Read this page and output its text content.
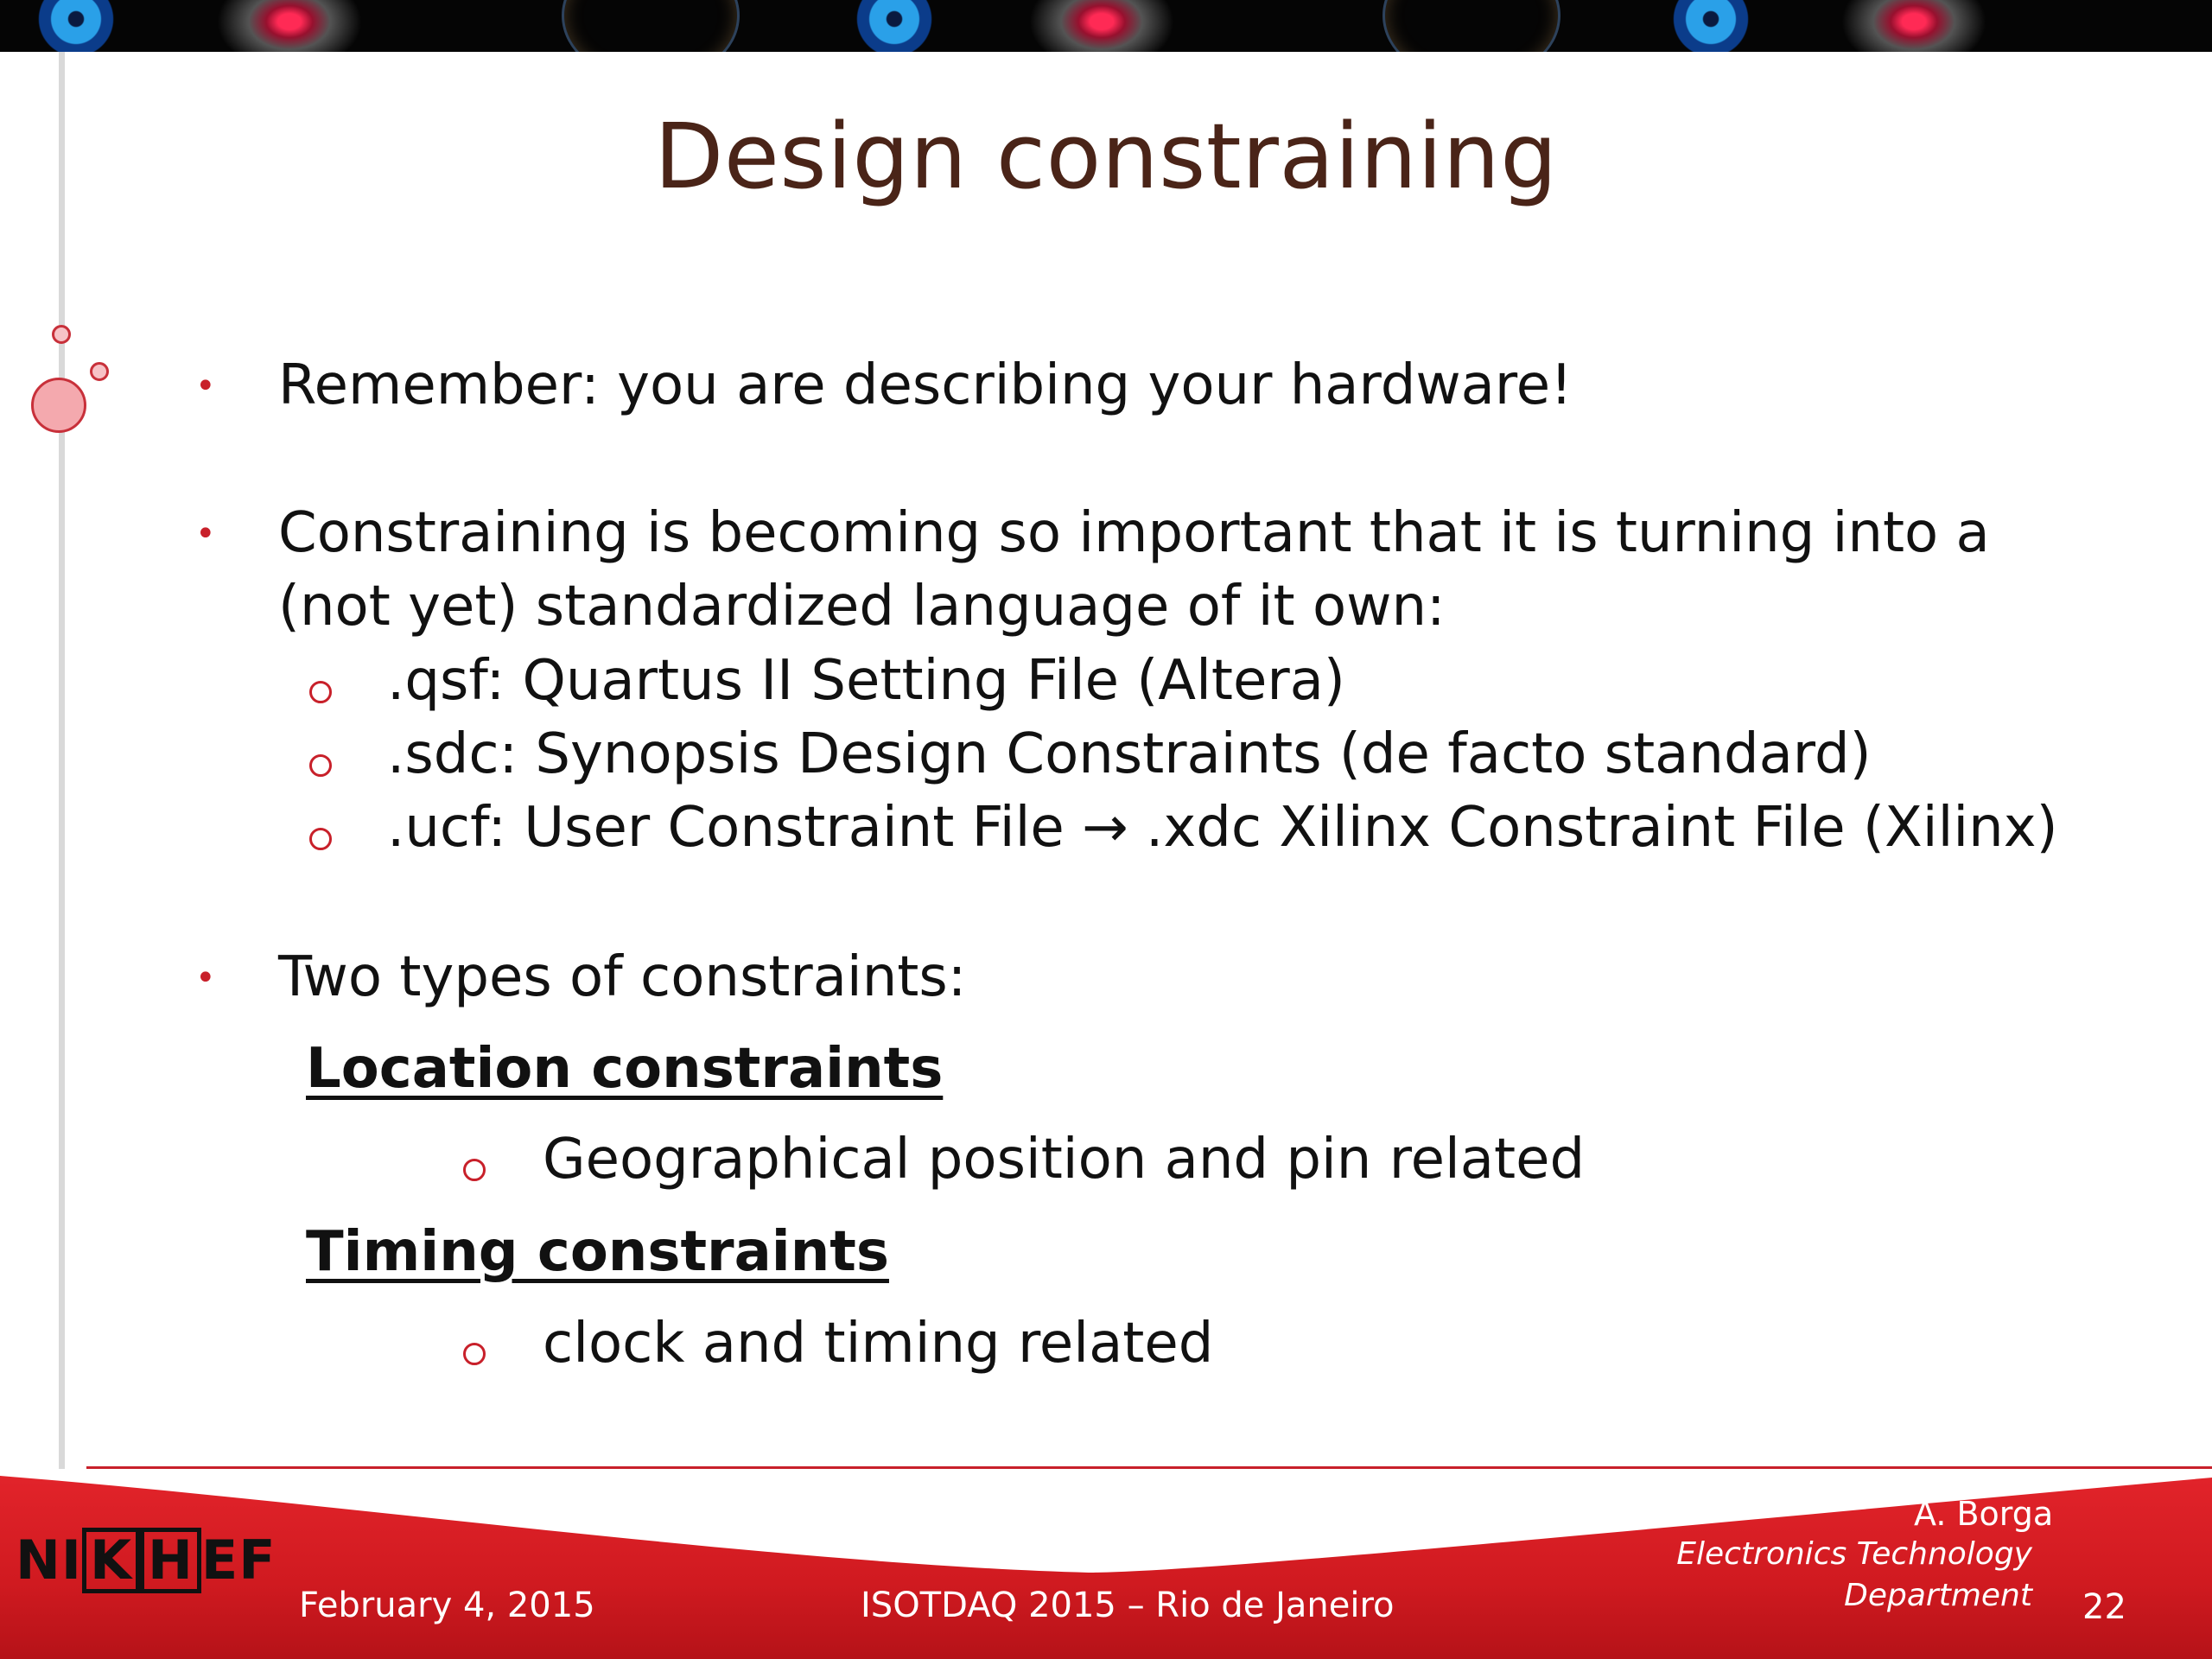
Design constraining
• Remember: you are describing your hardware!
• Constraining is becoming so important that it is turning into a
(not yet) standardized language of it own:
.qsf: Quartus II Setting File (Altera)
.sdc: Synopsis Design Constraints (de facto standard)
.ucf: User Constraint File → .xdc Xilinx Constraint File (Xilinx)
• Two types of constraints:
Location constraints
Geographical position and pin related
Timing constraints
clock and timing related
NI K H EF
February 4, 2015	ISOTDAQ 2015 – Rio de Janeiro
A. Borga
Electronics Technology
Department 22
